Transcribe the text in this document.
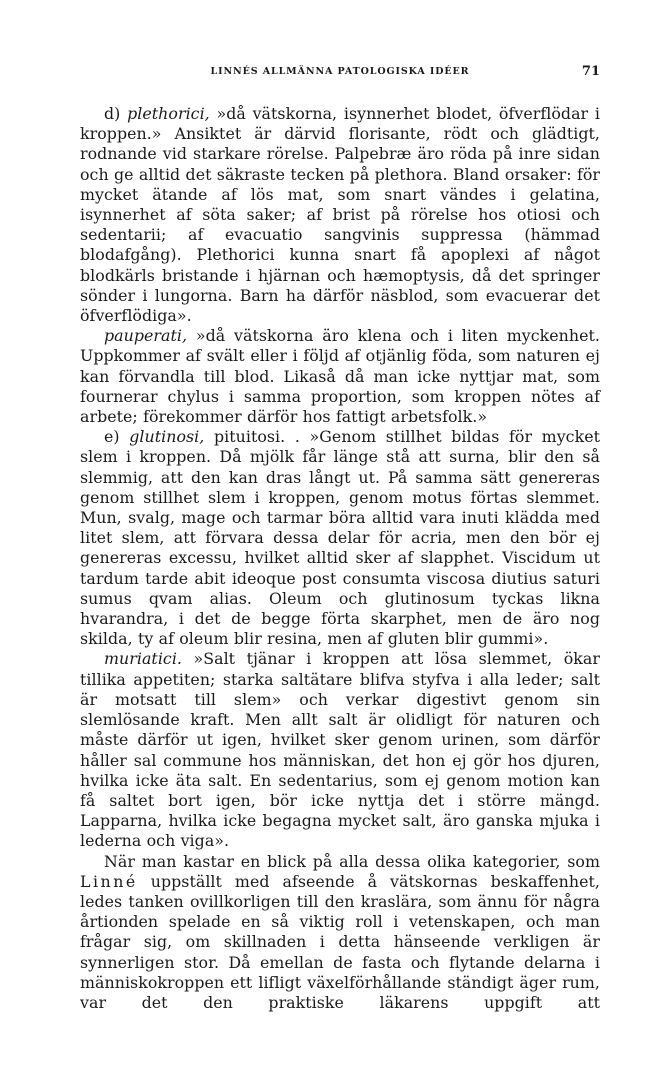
LINNÉS ALLMÄNNA PATOLOGISKA IDÉER	71

d) plethorici, »då vätskorna, isynnerhet blodet, öfverflödar i kroppen.» Ansiktet är därvid florisante, rödt och glädtigt, rodnande vid starkare rörelse. Palpebræ äro röda på inre sidan och ge alltid det säkraste tecken på plethora. Bland orsaker: för mycket ätande af lös mat, som snart vändes i gelatina, isynnerhet af söta saker; af brist på rörelse hos otiosi och sedentarii; af evacuatio sangvinis suppressa (hämmad blodafgång). Plethorici kunna snart få apoplexi af något blodkärls bristande i hjärnan och hæmoptysis, då det springer sönder i lungorna. Barn ha därför näsblod, som evacuerar det öfverflödiga».

pauperati, »då vätskorna äro klena och i liten myckenhet. Uppkommer af svält eller i följd af otjänlig föda, som naturen ej kan förvandla till blod. Likaså då man icke nyttjar mat, som fournerar chylus i samma proportion, som kroppen nötes af arbete; förekommer därför hos fattigt arbetsfolk.»

e) glutinosi, pituitosi. . »Genom stillhet bildas för mycket slem i kroppen. Då mjölk får länge stå att surna, blir den så slemmig, att den kan dras långt ut. På samma sätt genereras genom stillhet slem i kroppen, genom motus förtas slemmet. Mun, svalg, mage och tarmar böra alltid vara inuti klädda med litet slem, att förvara dessa delar för acria, men den bör ej genereras excessu, hvilket alltid sker af slapphet. Viscidum ut tardum tarde abit ideoque post consumta viscosa diutius saturi sumus qvam alias. Oleum och glutinosum tyckas likna hvarandra, i det de begge förta skarphet, men de äro nog skilda, ty af oleum blir resina, men af gluten blir gummi».

muriatici. »Salt tjänar i kroppen att lösa slemmet, ökar tillika appetiten; starka saltätare blifva styfva i alla leder; salt är motsatt till slem» och verkar digestivt genom sin slemlösande kraft. Men allt salt är olidligt för naturen och måste därför ut igen, hvilket sker genom urinen, som därför håller sal commune hos människan, det hon ej gör hos djuren, hvilka icke äta salt. En sedentarius, som ej genom motion kan få saltet bort igen, bör icke nyttja det i större mängd. Lapparna, hvilka icke begagna mycket salt, äro ganska mjuka i lederna och viga».

När man kastar en blick på alla dessa olika kategorier, som Linné uppställt med afseende å vätskornas beskaffenhet, ledes tanken ovillkorligen till den kraslära, som ännu för några årtionden spelade en så viktig roll i vetenskapen, och man frågar sig, om skillnaden i detta hänseende verkligen är synnerligen stor. Då emellan de fasta och flytande delarna i människokroppen ett lifligt växelförhållande ständigt äger rum, var det den praktiske läkarens uppgift att
